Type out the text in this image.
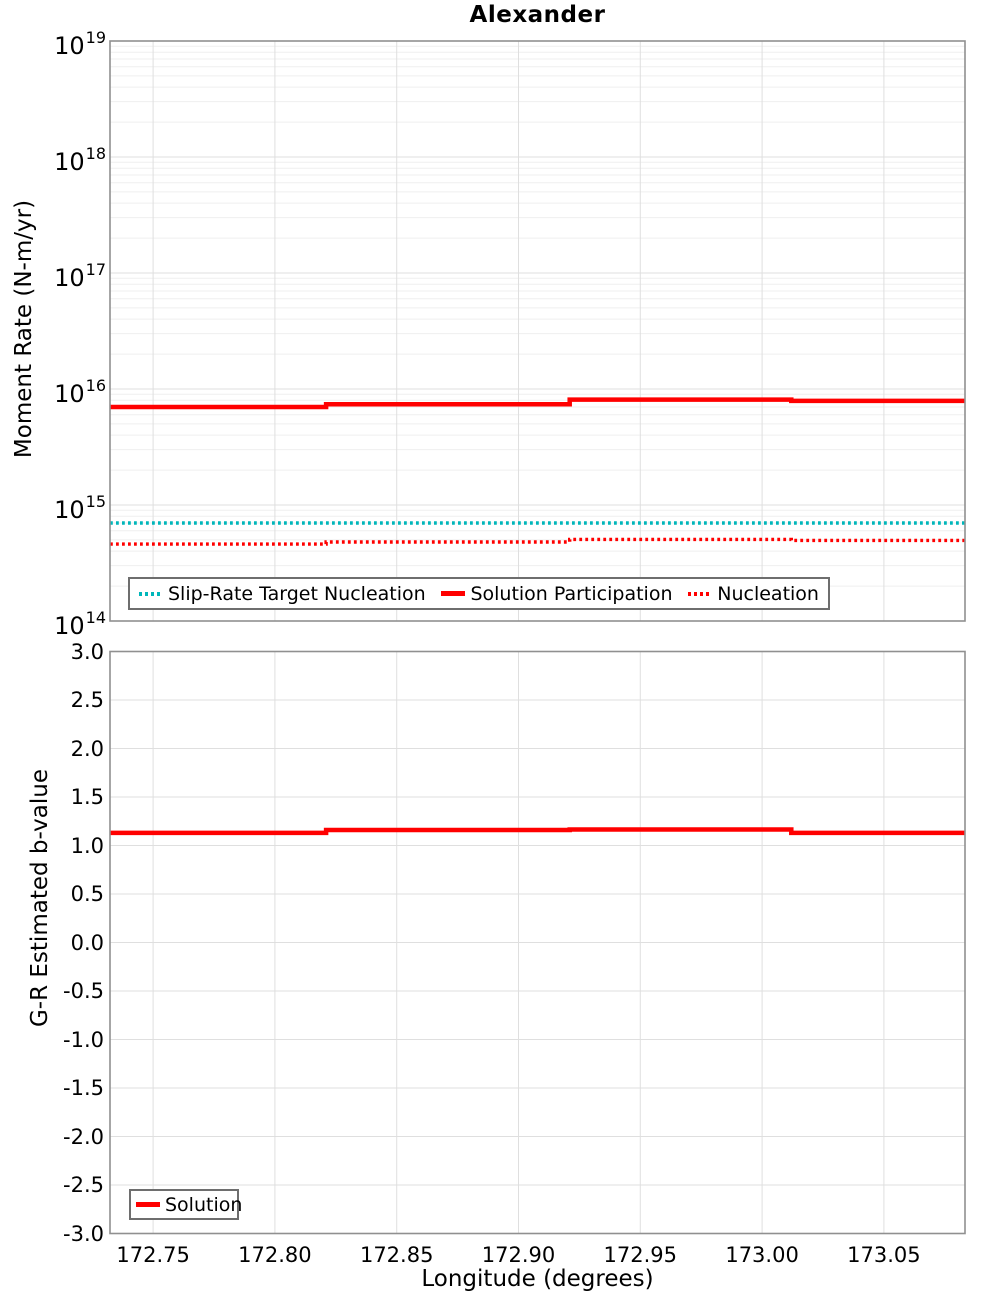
Alexander
Moment Rate (N-m/yr)
G-R Estimated b-value
Longitude (degrees)
$10^{19}$
$10^{18}$
$10^{17}$
$10^{16}$
$10^{15}$
$10^{14}$
3.0
2.5
2.0
1.5
1.0
0.5
0.0
-0.5
-1.0
-1.5
-2.0
-2.5
-3.0
172.75	172.80	172.85	172.90	172.95	173.00	173.05
Slip-Rate Target Nucleation Solution Participation Nucleation
Solution
